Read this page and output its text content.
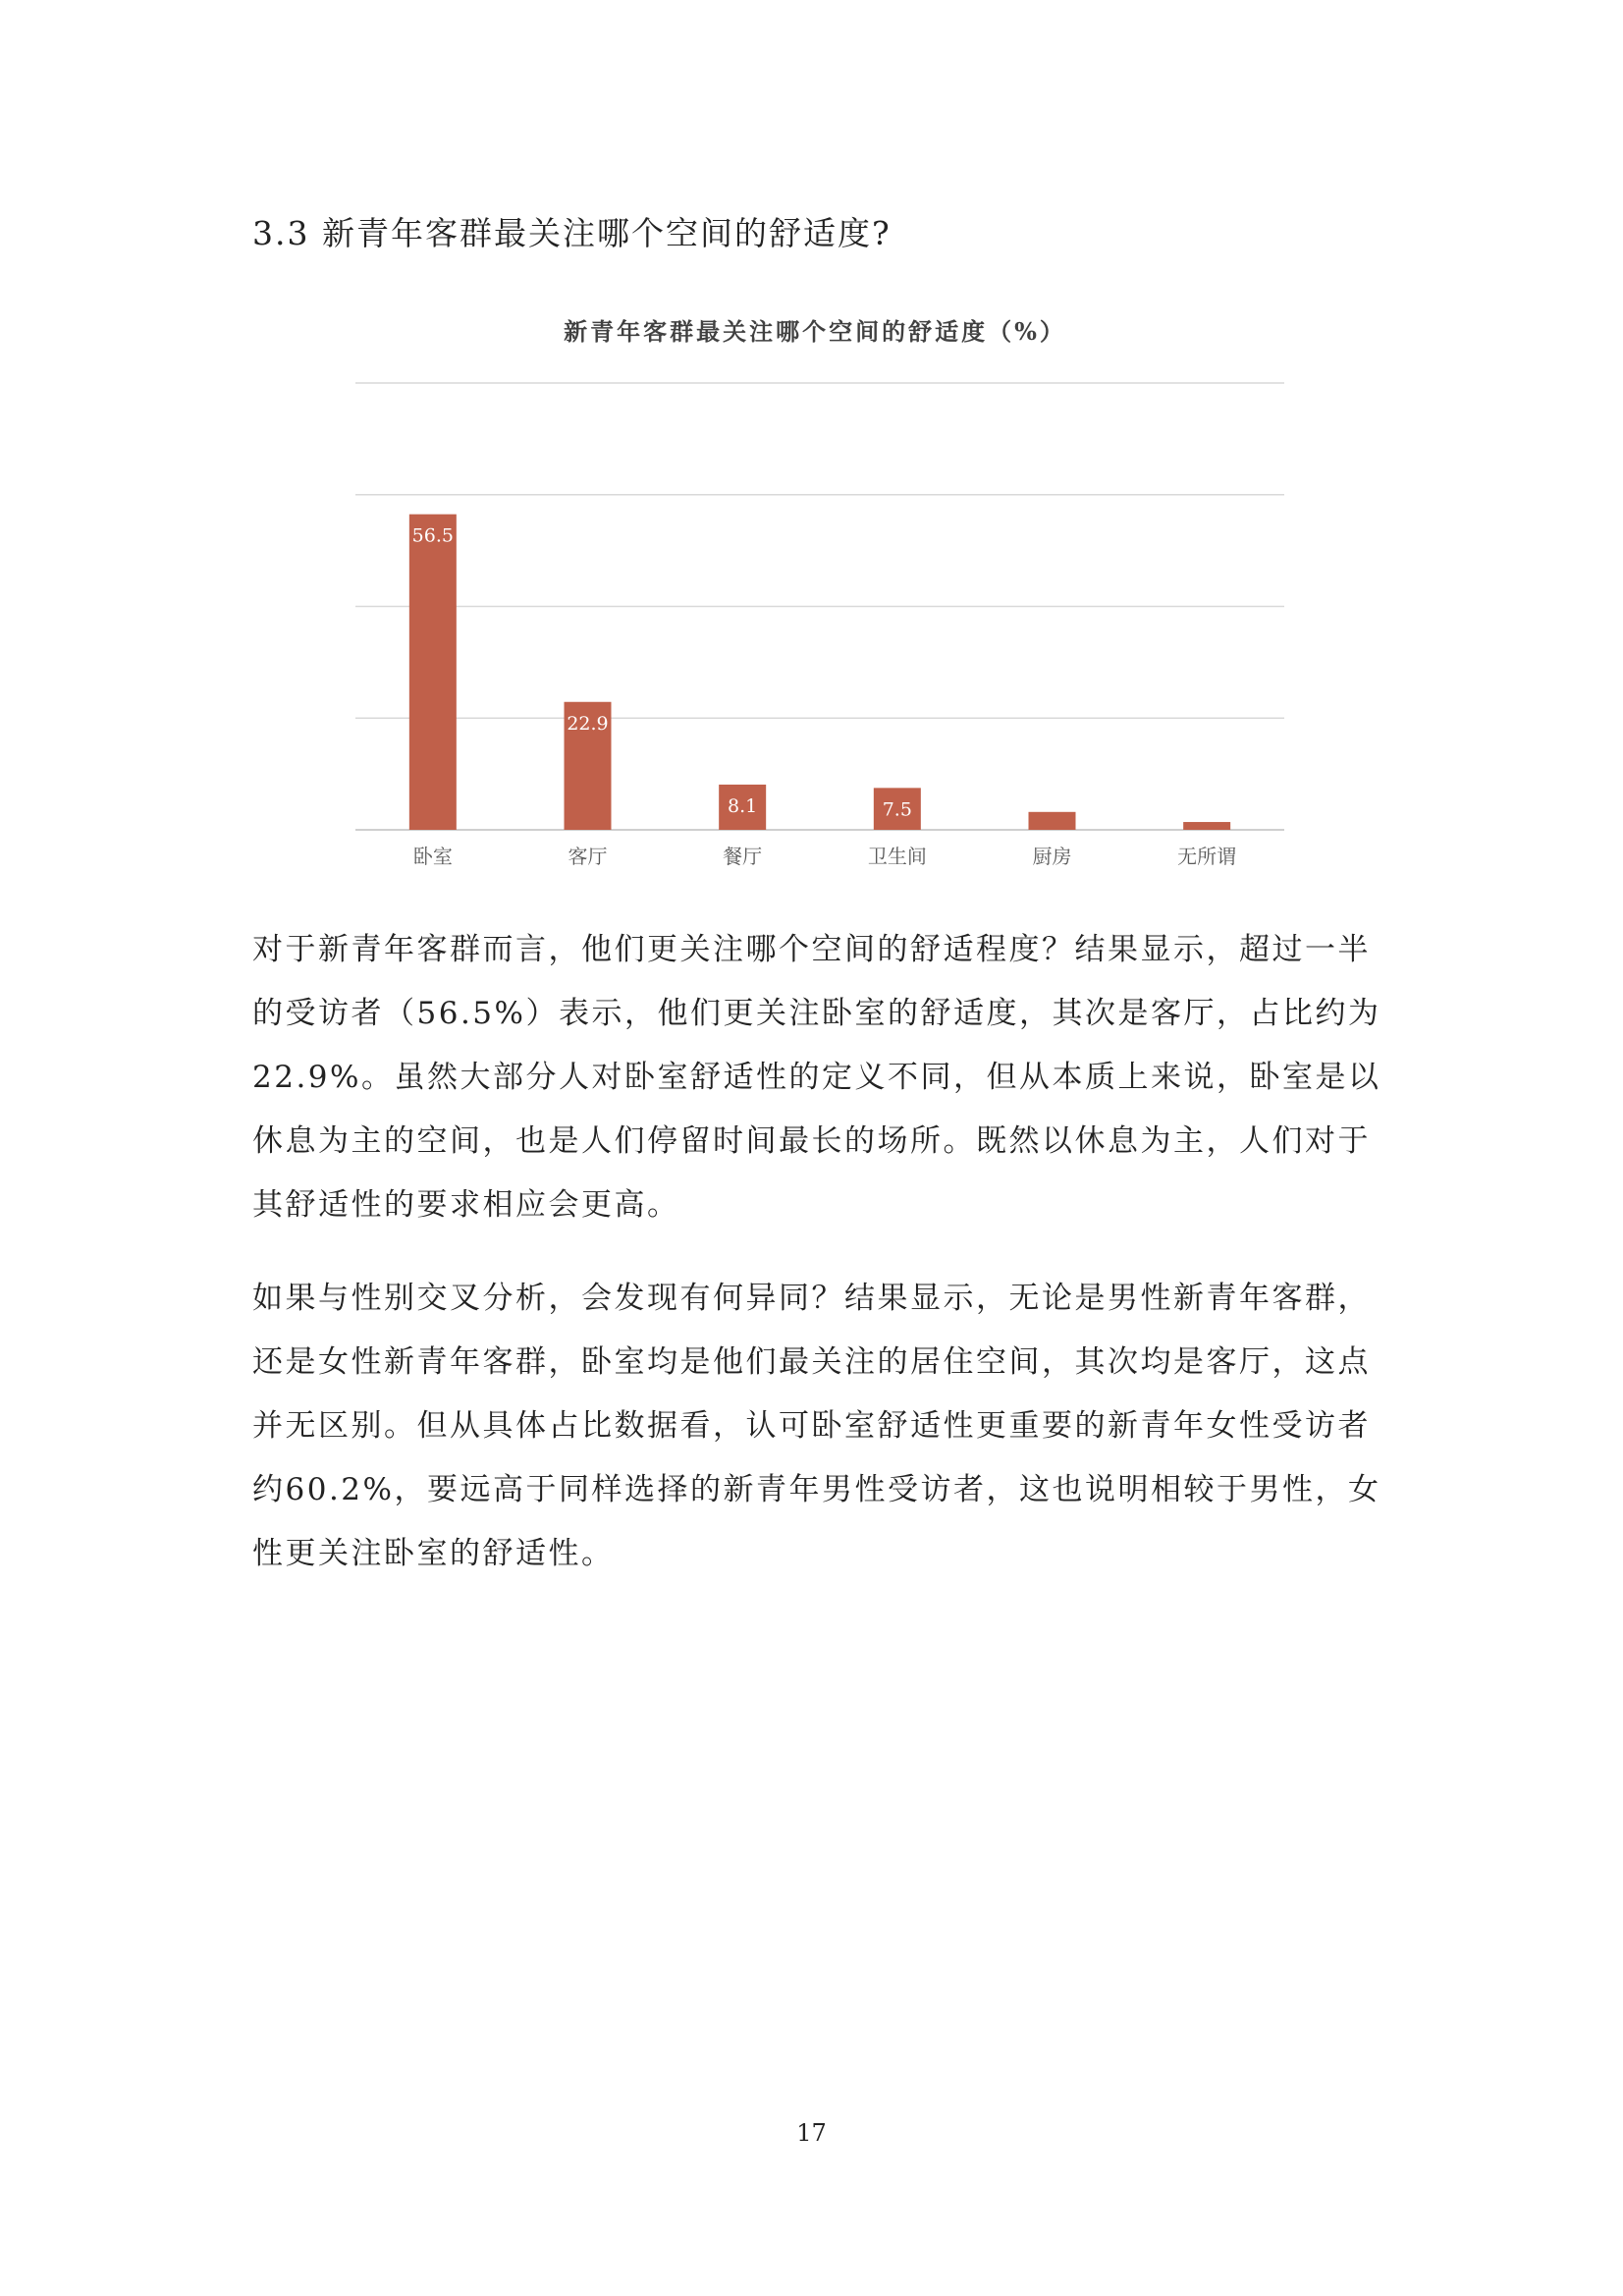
3.3 新青年客群最关注哪个空间的舒适度?
新青年客群最关注哪个空间的舒适度（%）
56.5
22.9
8.1	7.5
卧室	客厅	餐厅	卫生间	厨房	无所谓

对于新青年客群而言，他们更关注哪个空间的舒适程度？结果显示，超过一半的受访者（56.5%）表示，他们更关注卧室的舒适度，其次是客厅，占比约为22.9%。虽然大部分人对卧室舒适性的定义不同，但从本质上来说，卧室是以休息为主的空间，也是人们停留时间最长的场所。既然以休息为主，人们对于其舒适性的要求相应会更高。

如果与性别交叉分析，会发现有何异同？结果显示，无论是男性新青年客群，还是女性新青年客群，卧室均是他们最关注的居住空间，其次均是客厅，这点并无区别。但从具体占比数据看，认可卧室舒适性更重要的新青年女性受访者约60.2%，要远高于同样选择的新青年男性受访者，这也说明相较于男性，女性更关注卧室的舒适性。

17
